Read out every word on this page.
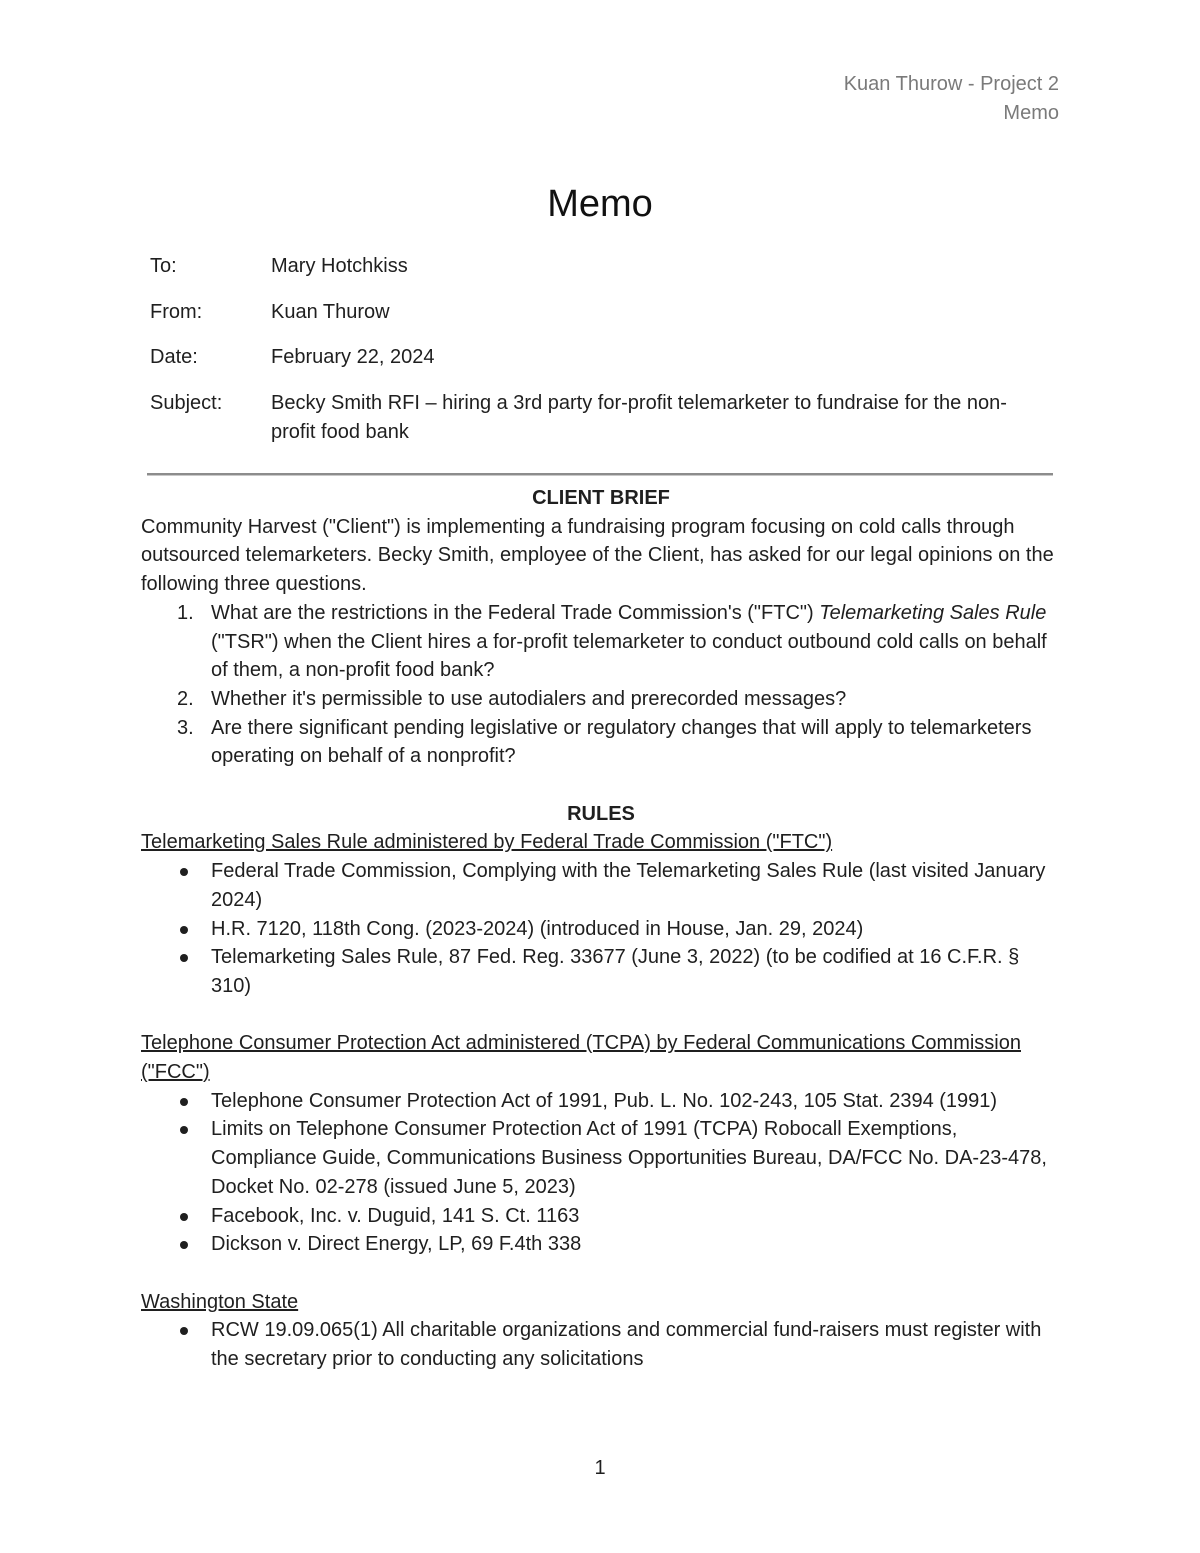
Kuan Thurow - Project 2
Memo
Memo
To:	Mary Hotchkiss
From:	Kuan Thurow
Date:	February 22, 2024
Subject: Becky Smith RFI – hiring a 3rd party for-profit telemarketer to fundraise for the non-profit food bank

CLIENT BRIEF

Community Harvest ("Client") is implementing a fundraising program focusing on cold calls through outsourced telemarketers. Becky Smith, employee of the Client, has asked for our legal opinions on the following three questions.

1. What are the restrictions in the Federal Trade Commission's ("FTC") Telemarketing Sales Rule ("TSR") when the Client hires a for-profit telemarketer to conduct outbound cold calls on behalf of them, a non-profit food bank?
2. Whether it's permissible to use autodialers and prerecorded messages?
3. Are there significant pending legislative or regulatory changes that will apply to telemarketers operating on behalf of a nonprofit?

RULES

Telemarketing Sales Rule administered by Federal Trade Commission ("FTC")

Federal Trade Commission, Complying with the Telemarketing Sales Rule (last visited January 2024)
H.R. 7120, 118th Cong. (2023-2024) (introduced in House, Jan. 29, 2024)
Telemarketing Sales Rule, 87 Fed. Reg. 33677 (June 3, 2022) (to be codified at 16 C.F.R. § 310)

Telephone Consumer Protection Act administered (TCPA) by Federal Communications Commission ("FCC")

Telephone Consumer Protection Act of 1991, Pub. L. No. 102-243, 105 Stat. 2394 (1991)
Limits on Telephone Consumer Protection Act of 1991 (TCPA) Robocall Exemptions, Compliance Guide, Communications Business Opportunities Bureau, DA/FCC No. DA-23-478, Docket No. 02-278 (issued June 5, 2023)
Facebook, Inc. v. Duguid, 141 S. Ct. 1163
Dickson v. Direct Energy, LP, 69 F.4th 338

Washington State

RCW 19.09.065(1) All charitable organizations and commercial fund-raisers must register with the secretary prior to conducting any solicitations
1
